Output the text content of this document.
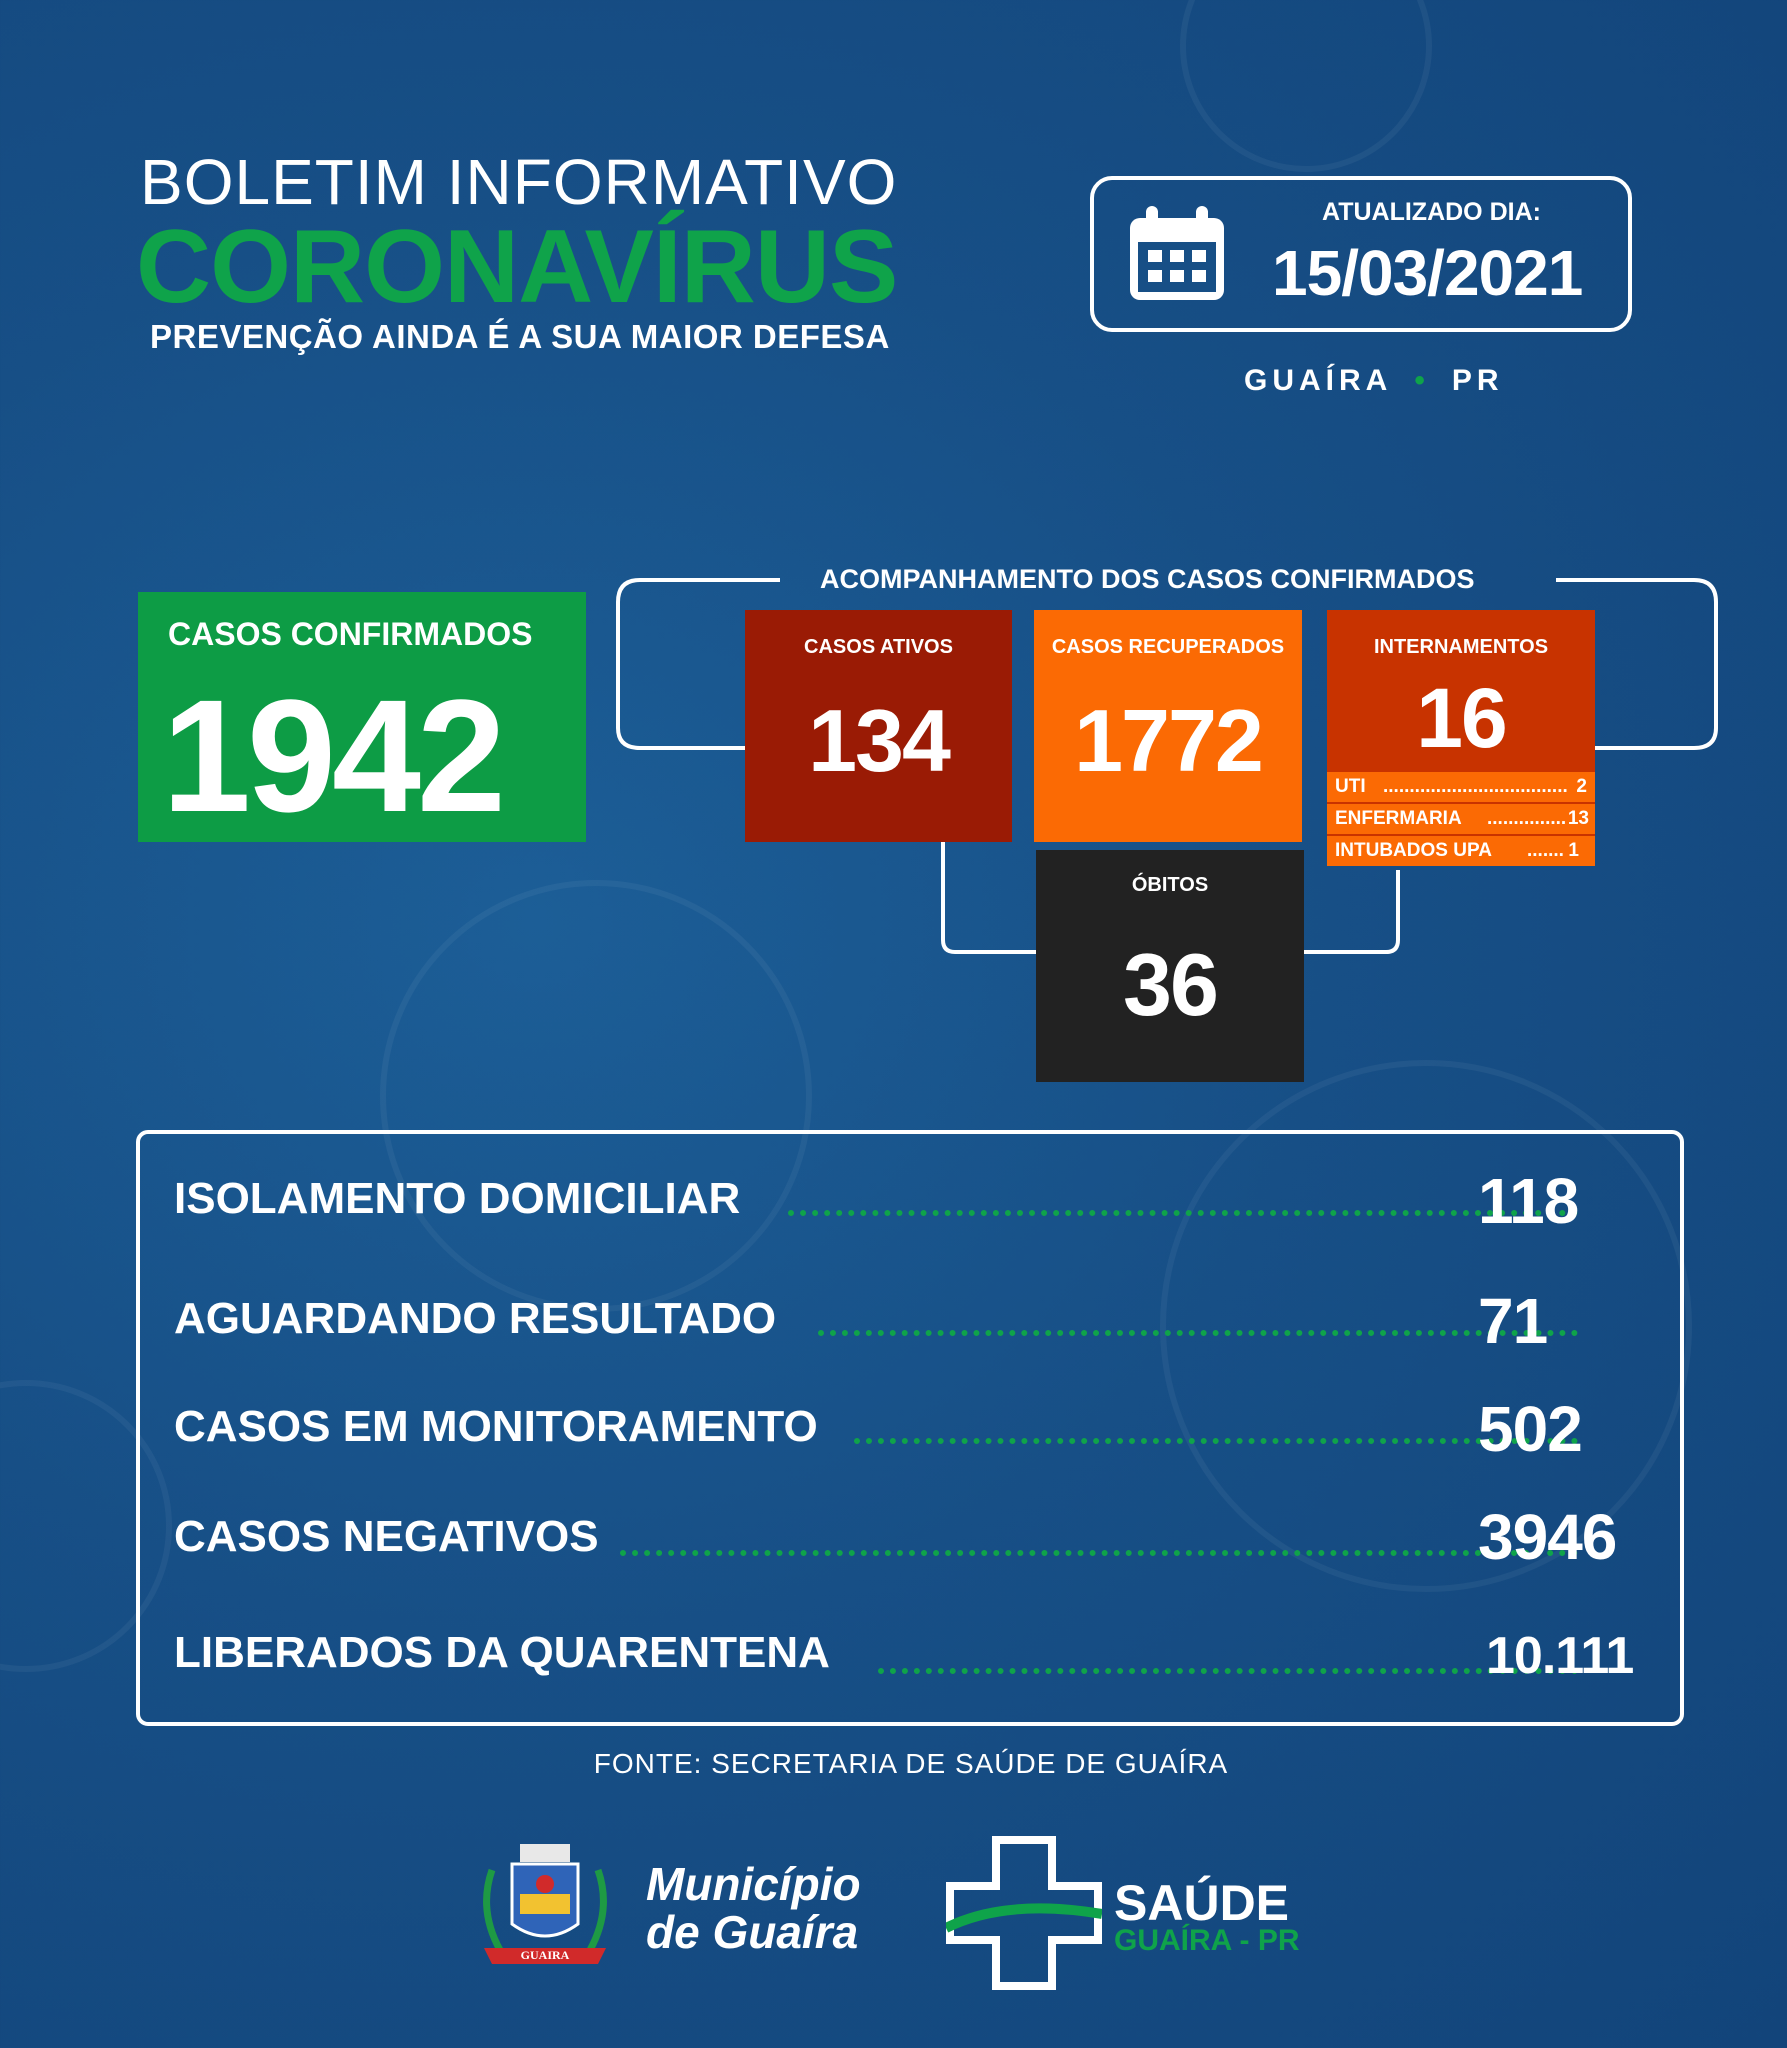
BOLETIM INFORMATIVO
CORONAVÍRUS
PREVENÇÃO AINDA É A SUA MAIOR DEFESA
ATUALIZADO DIA:
15/03/2021
GUAÍRA • PR
CASOS CONFIRMADOS
1942
ACOMPANHAMENTO DOS CASOS CONFIRMADOS
CASOS ATIVOS
134
CASOS RECUPERADOS
1772
INTERNAMENTOS
16
UTI ................................... 2
ENFERMARIA ............... 13
INTUBADOS UPA ....... 1
ÓBITOS
36
ISOLAMENTO DOMICILIAR	118
AGUARDANDO RESULTADO	71
CASOS EM MONITORAMENTO	502
CASOS NEGATIVOS	3946
LIBERADOS DA QUARENTENA	10.111
FONTE: SECRETARIA DE SAÚDE DE GUAÍRA
GUAIRA
Município
de Guaíra
SAÚDE
GUAÍRA - PR
